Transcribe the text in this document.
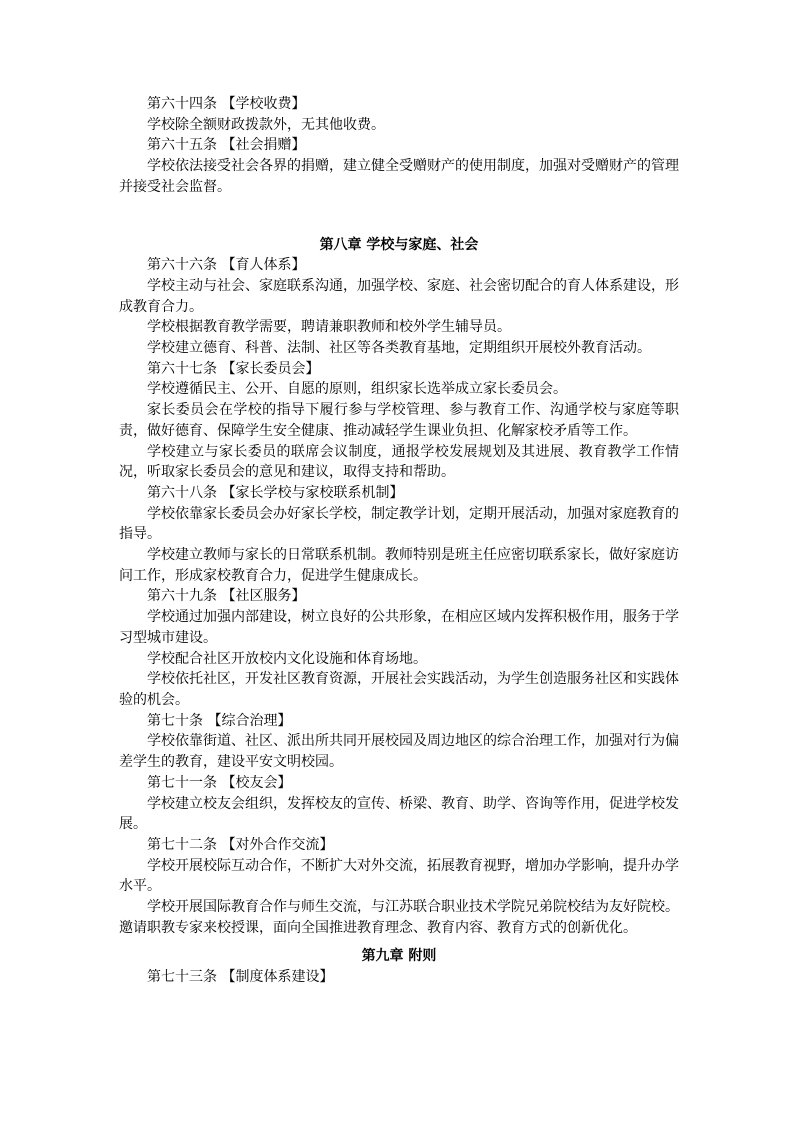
第六十四条 【学校收费】

学校除全额财政拨款外，无其他收费。

第六十五条 【社会捐赠】

学校依法接受社会各界的捐赠，建立健全受赠财产的使用制度，加强对受赠财产的管理并接受社会监督。

第八章 学校与家庭、社会

第六十六条 【育人体系】

学校主动与社会、家庭联系沟通，加强学校、家庭、社会密切配合的育人体系建设，形成教育合力。

学校根据教育教学需要，聘请兼职教师和校外学生辅导员。

学校建立德育、科普、法制、社区等各类教育基地，定期组织开展校外教育活动。

第六十七条 【家长委员会】

学校遵循民主、公开、自愿的原则，组织家长选举成立家长委员会。

家长委员会在学校的指导下履行参与学校管理、参与教育工作、沟通学校与家庭等职责，做好德育、保障学生安全健康、推动减轻学生课业负担、化解家校矛盾等工作。

学校建立与家长委员的联席会议制度，通报学校发展规划及其进展、教育教学工作情况，听取家长委员会的意见和建议，取得支持和帮助。

第六十八条 【家长学校与家校联系机制】

学校依靠家长委员会办好家长学校，制定教学计划，定期开展活动，加强对家庭教育的指导。

学校建立教师与家长的日常联系机制。教师特别是班主任应密切联系家长，做好家庭访问工作，形成家校教育合力，促进学生健康成长。

第六十九条 【社区服务】

学校通过加强内部建设，树立良好的公共形象，在相应区域内发挥积极作用，服务于学习型城市建设。

学校配合社区开放校内文化设施和体育场地。

学校依托社区，开发社区教育资源，开展社会实践活动，为学生创造服务社区和实践体验的机会。

第七十条 【综合治理】

学校依靠街道、社区、派出所共同开展校园及周边地区的综合治理工作，加强对行为偏差学生的教育，建设平安文明校园。

第七十一条 【校友会】

学校建立校友会组织，发挥校友的宣传、桥梁、教育、助学、咨询等作用，促进学校发展。

第七十二条 【对外合作交流】

学校开展校际互动合作，不断扩大对外交流，拓展教育视野，增加办学影响，提升办学水平。

学校开展国际教育合作与师生交流，与江苏联合职业技术学院兄弟院校结为友好院校。邀请职教专家来校授课，面向全国推进教育理念、教育内容、教育方式的创新优化。

第九章 附则

第七十三条 【制度体系建设】
